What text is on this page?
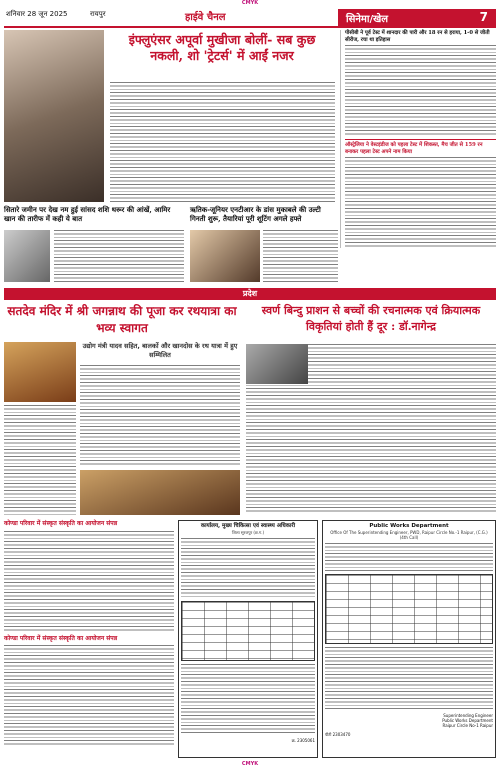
CMYK
शनिवार 28 जून 2025	रायपुर	हाईवे चैनल	सिनेमा/खेल	7
इंफ्लुएंसर अपूर्वा मुखीजा बोलीं- सब कुछ नकली, शो 'ट्रेटर्स' में आईं नजर
पीसीबी ने पूर्व टेस्ट में शानदार की पारी और 18 रन से हराया, 1-0 से जीती सीरीज, रचा था इतिहास
ऑस्ट्रेलिया ने वेस्टइंडीज को पहला टेस्ट में शिकस्त, मैच जीत से 159 रन बनाकर पहला टेस्ट अपने नाम किया
सितारे जमीन पर देख नम हुई सांसद शशि थरूर की आंखें, आमिर खान की तारीफ में कही ये बात
ऋतिक-जूनियर एनटीआर के डांस मुकाबले की उल्टी गिनती शुरू, तैयारियां पूरी शूटिंग अगले हफ्ते
प्रदेश
सतदेव मंदिर में श्री जगन्नाथ की पूजा कर रथयात्रा का भव्य स्वागत
उद्योग मंत्री यादव सहित, बालकों और खानदोस के रथ यात्रा में हुए सम्मिलित
स्वर्ण बिन्दु प्राशन से बच्चों की रचनात्मक एवं क्रियात्मक विकृतियां होती हैं दूर : डॉ.नागेन्द्र
कोण्डा परिवार में संस्कृत संस्कृति का आयोजन संपन्न
कोण्डा परिवार में संस्कृत संस्कृति का आयोजन संपन्न
कार्यालय, मुख्य चिकित्सा एवं स्वास्थ्य अधिकारी
जिला सूरजपुर (छ.ग.)
क्र. 2305061
Public Works Department
Office Of The Superintending Engineer, PWD, Raipur Circle No.-1 Raipur, (C.G.)
(4th Call)
Superintending Engineer
Public Works Department
Raipur Circle No-1 Raipur
पीटी 2303470
CMYK
